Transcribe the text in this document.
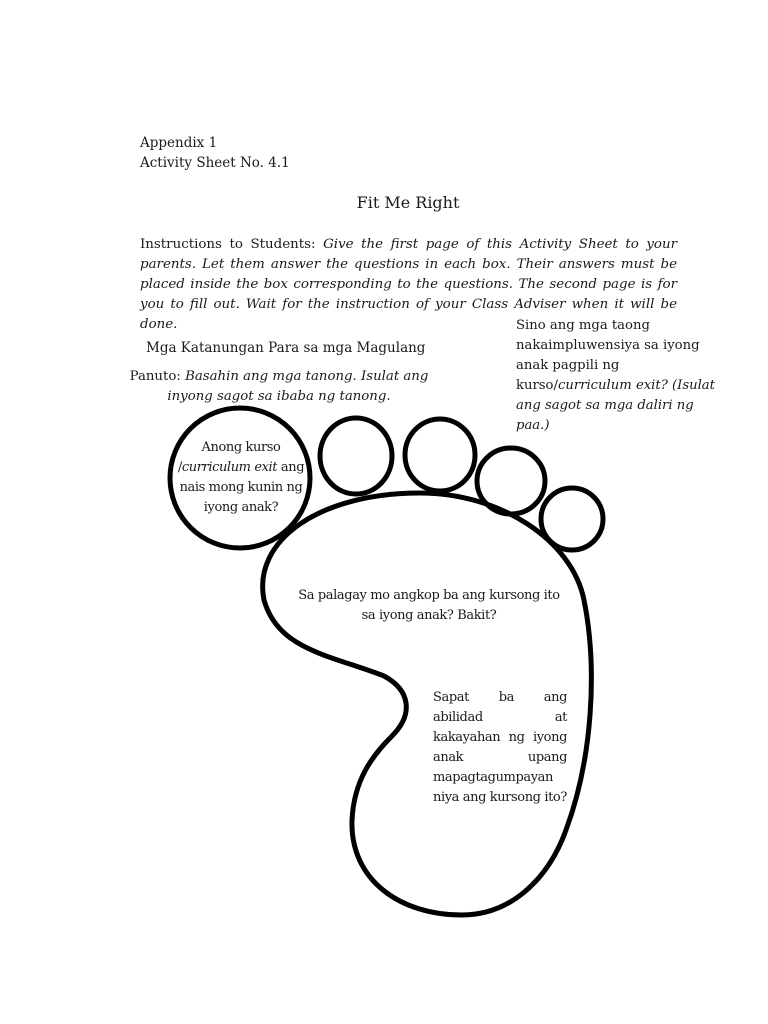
Appendix 1
Activity Sheet No. 4.1
Fit Me Right
Instructions to Students: Give the first page of this Activity Sheet to your parents. Let them answer the questions in each box. Their answers must be placed inside the box corresponding to the questions. The second page is for you to fill out. Wait for the instruction of your Class Adviser when it will be done.
Mga Katanungan Para sa mga Magulang
Panuto: Basahin ang mga tanong. Isulat ang inyong sagot sa ibaba ng tanong.
Sino ang mga taong nakaimpluwensiya sa iyong anak pagpili ng kurso/curriculum exit? (Isulat ang sagot sa mga daliri ng paa.)
Anong kurso
/curriculum exit ang nais mong kunin ng iyong anak?
Sa palagay mo angkop ba ang kursong ito sa iyong anak? Bakit?
Sapat ba ang abilidad at kakayahan ng iyong anak upang mapagtagumpayan
niya ang kursong ito?
